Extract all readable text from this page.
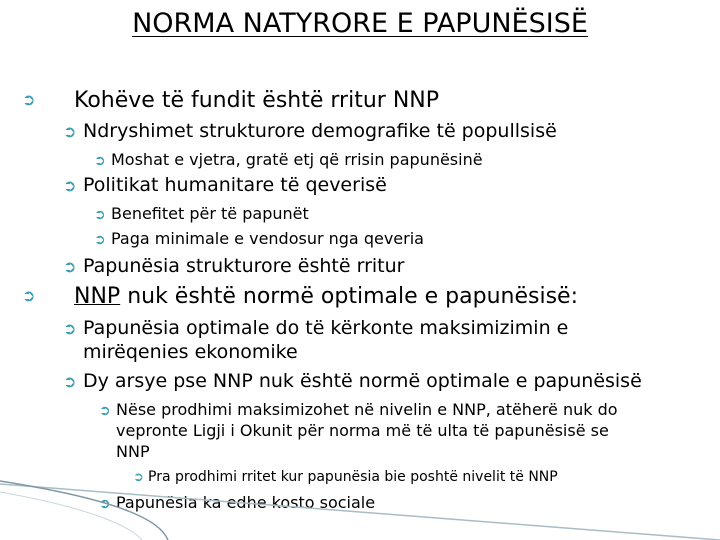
NORMA NATYRORE E PAPUNËSISË
➲ Kohëve të fundit është rritur NNP
➲ Ndryshimet strukturore demografike të popullsisë
➲ Moshat e vjetra, gratë etj që rrisin papunësinë
➲ Politikat humanitare të qeverisë
➲ Benefitet për të papunët
➲ Paga minimale e vendosur nga qeveria
➲ Papunësia strukturore është rritur
➲ NNP nuk është normë optimale e papunësisë:
➲ Papunësia optimale do të kërkonte maksimizimin e
mirëqenies ekonomike
➲ Dy arsye pse NNP nuk është normë optimale e papunësisë
➲ Nëse prodhimi maksimizohet në nivelin e NNP, atëherë nuk do
vepronte Ligji i Okunit për norma më të ulta të papunësisë se
NNP
➲ Pra prodhimi rritet kur papunësia bie poshtë nivelit të NNP
➲ Papunësia ka edhe kosto sociale
